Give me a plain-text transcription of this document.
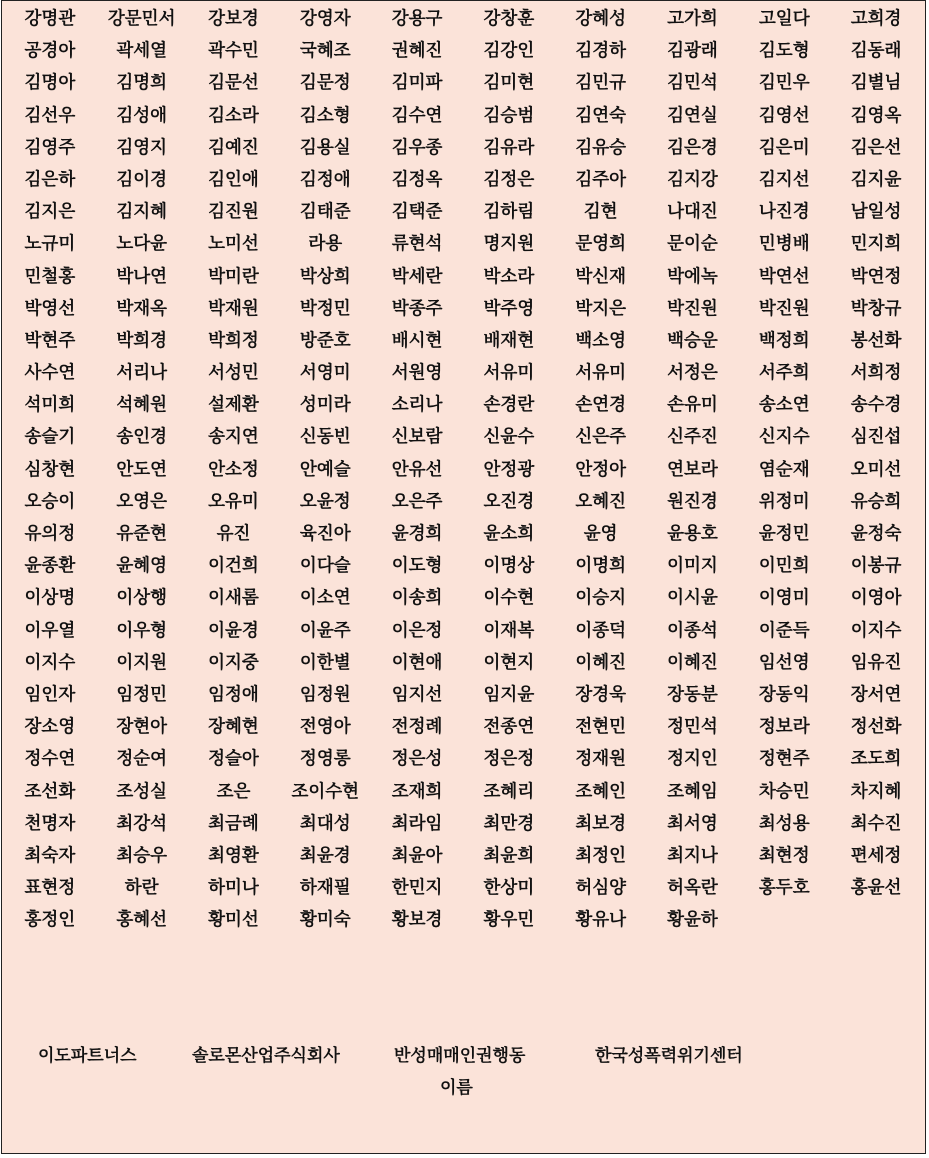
강명관	강문민서	강보경	강영자	강용구	강창훈	강혜성	고가희	고일다	고희경
공경아	곽세열	곽수민	국혜조	권혜진	김강인	김경하	김광래	김도형	김동래
김명아	김명희	김문선	김문정	김미파	김미현	김민규	김민석	김민우	김별님
김선우	김성애	김소라	김소형	김수연	김승범	김연숙	김연실	김영선	김영옥
김영주	김영지	김예진	김용실	김우종	김유라	김유승	김은경	김은미	김은선
김은하	김이경	김인애	김정애	김정옥	김정은	김주아	김지강	김지선	김지윤
김지은	김지혜	김진원	김태준	김택준	김하림	김현	나대진	나진경	남일성
노규미	노다윤	노미선	라용	류현석	명지원	문영희	문이순	민병배	민지희
민철홍	박나연	박미란	박상희	박세란	박소라	박신재	박에녹	박연선	박연정
박영선	박재옥	박재원	박정민	박종주	박주영	박지은	박진원	박진원	박창규
박현주	박희경	박희정	방준호	배시현	배재현	백소영	백승운	백정희	봉선화
사수연	서리나	서성민	서영미	서원영	서유미	서유미	서정은	서주희	서희정
석미희	석혜원	설제환	성미라	소리나	손경란	손연경	손유미	송소연	송수경
송슬기	송인경	송지연	신동빈	신보람	신윤수	신은주	신주진	신지수	심진섭
심창현	안도연	안소정	안예슬	안유선	안정광	안정아	연보라	염순재	오미선
오승이	오영은	오유미	오윤정	오은주	오진경	오혜진	원진경	위정미	유승희
유의정	유준현	유진	육진아	윤경희	윤소희	윤영	윤용호	윤정민	윤정숙
윤종환	윤혜영	이건희	이다슬	이도형	이명상	이명희	이미지	이민희	이봉규
이상명	이상행	이새롬	이소연	이송희	이수현	이승지	이시윤	이영미	이영아
이우열	이우형	이윤경	이윤주	이은정	이재복	이종덕	이종석	이준득	이지수
이지수	이지원	이지중	이한별	이현애	이현지	이혜진	이혜진	임선영	임유진
임인자	임정민	임정애	임정원	임지선	임지윤	장경욱	장동분	장동익	장서연
장소영	장현아	장혜현	전영아	전정례	전종연	전현민	정민석	정보라	정선화
정수연	정순여	정슬아	정영롱	정은성	정은정	정재원	정지인	정현주	조도희
조선화	조성실	조은	조이수현	조재희	조혜리	조혜인	조혜임	차승민	차지혜
천명자	최강석	최금례	최대성	최라임	최만경	최보경	최서영	최성용	최수진
최숙자	최승우	최영환	최윤경	최윤아	최윤희	최정인	최지나	최현정	편세정
표현정	하란	하미나	하재필	한민지	한상미	허심양	허옥란	홍두호	홍윤선
홍정인	홍혜선	황미선	황미숙	황보경	황우민	황유나	황윤하
이도파트너스	솔로몬산업주식회사	반성매매인권행동	한국성폭력위기센터
이름
